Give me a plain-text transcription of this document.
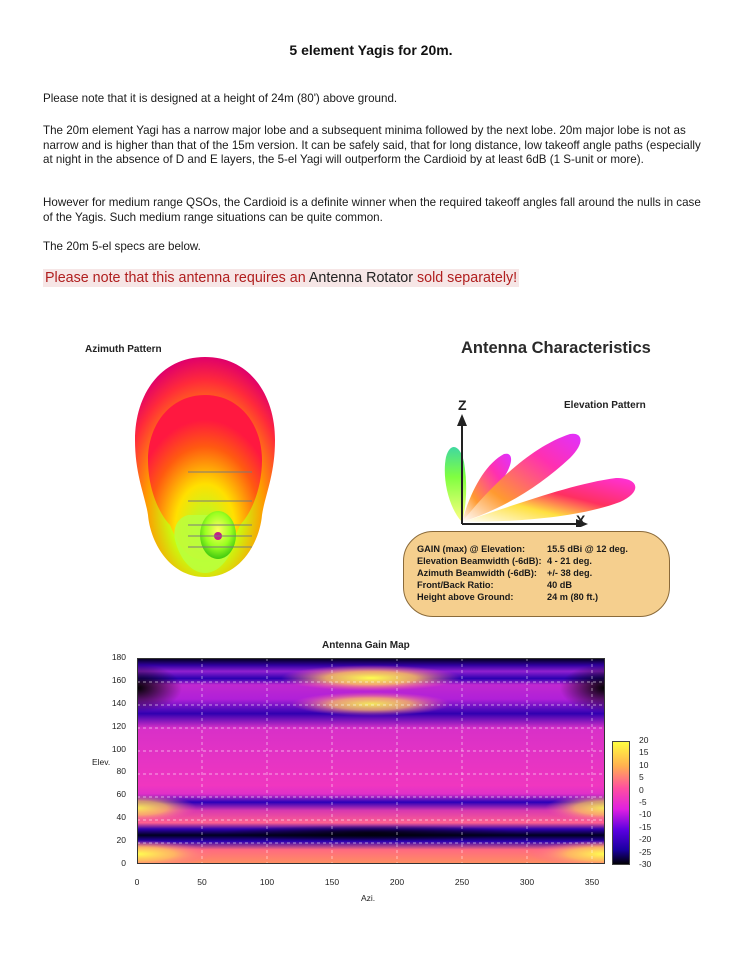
5 element Yagis for 20m.

Please note that it is designed at a height of 24m (80') above ground.

The 20m element Yagi has a narrow major lobe and a subsequent minima followed by the next lobe. 20m major lobe is not as narrow and is higher than that of the 15m version. It can be safely said, that for long distance, low takeoff angle paths (especially at night in the absence of D and E layers, the 5-el Yagi will outperform the Cardioid by at least 6dB (1 S-unit or more).

However for medium range QSOs, the Cardioid is a definite winner when the required takeoff angles fall around the nulls in case of the Yagis. Such medium range situations can be quite common.

The 20m 5-el specs are below.

Please note that this antenna requires an Antenna Rotator sold separately!
Azimuth Pattern	Antenna Characteristics
Elevation Pattern
Z
X
GAIN (max) @ Elevation: 15.5 dBi @ 12 deg.
Elevation Beamwidth (-6dB): 4 - 21 deg.
Azimuth Beamwidth (-6dB): +/- 38 deg.
Front/Back Ratio:	40 dB
Height above Ground:	24 m (80 ft.)
Antenna Gain Map
Elev.
Azi.
0
20
40
60
80
100
120
140
160
180
0	50	100	150	200	250	300	350
20
15
10
5
0
-5
-10
-15
-20
-25
-30
